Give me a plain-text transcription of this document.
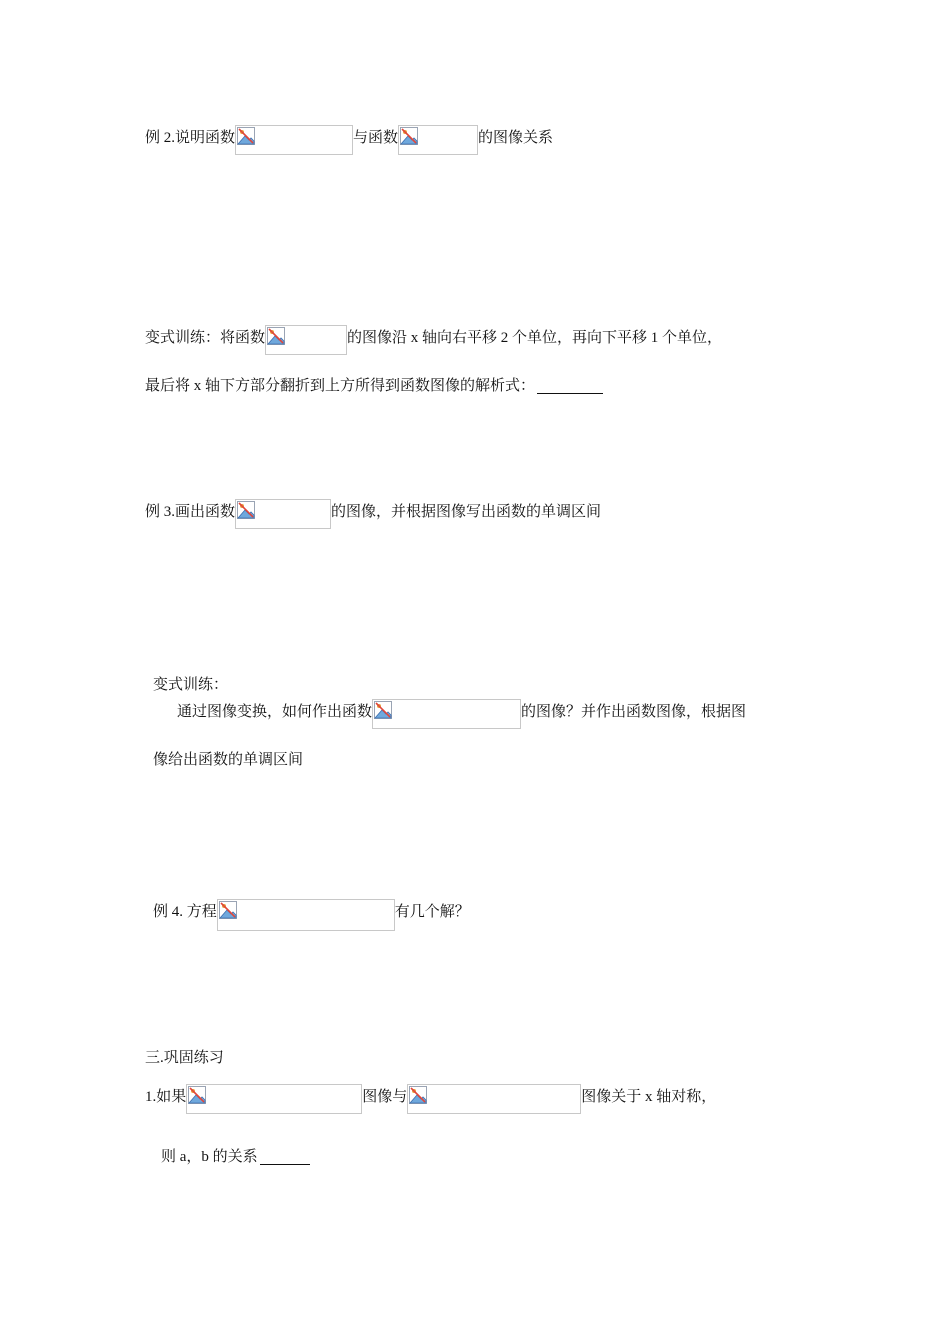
例 2.说明函数	与函数	的图像关系
变式训练：将函数	的图像沿 x 轴向右平移 2 个单位，再向下平移 1 个单位，
最后将 x 轴下方部分翻折到上方所得到函数图像的解析式：
例 3.画出函数	的图像，并根据图像写出函数的单调区间
变式训练：
通过图像变换，如何作出函数	的图像？并作出函数图像，根据图
像给出函数的单调区间
例 4. 方程	有几个解？
三.巩固练习
1.如果	图像与	图像关于 x 轴对称，
则 a，b 的关系
